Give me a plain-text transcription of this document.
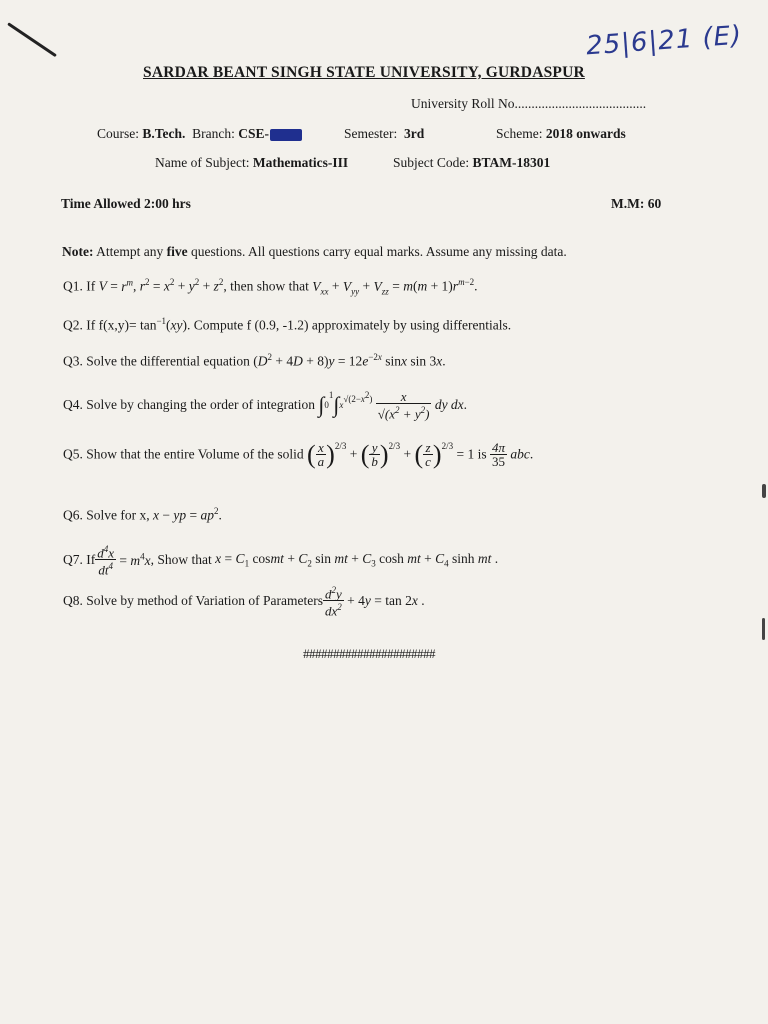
25|6|21 (E)
SARDAR BEANT SINGH STATE UNIVERSITY, GURDASPUR
University Roll No.......................................
Course: B.Tech. Branch: CSE-	Semester: 3rd	Scheme: 2018 onwards
Name of Subject: Mathematics-III	Subject Code: BTAM-18301
Time Allowed 2:00 hrs	M.M: 60
Note: Attempt any five questions. All questions carry equal marks. Assume any missing data.
Q1. If $V = r^m$, $r^2 = x^2 + y^2 + z^2$, then show that $V_{xx} + V_{yy} + V_{zz} = m(m + 1)r^{m-2}$.
Q2. If $f(x,y)= \tan^{-1}(xy)$. Compute f (0.9, -1.2) approximately by using differentials.
Q3. Solve the differential equation $(D^2 + 4D + 8)y = 12e^{-2x}$ sinx sin 3x.
Q4. Solve by changing the order of integration $\int 0^1\int x^{√(2-x^2)} \frac{x}{√(x^2 + y^2)}$ dy dx.
Q5. Show that the entire Volume of the solid ( $\frac{x}{a} )^{2/3}$ + ( $\frac{y}{b} )^{2/3}$ + ( $\frac{z}{c} )^{2/3} = 1$ is $\frac{4\pi}{35}$ abc.
Q6. Solve for x, x − yp = $ap^2$.
Q7. If $\frac{d^4x}{dt^4} = m^4x$, Show that $x = C_1$ cosmt + $C_2$ sin mt + $C_3$ cosh mt + $C_4$ sinh mt .
Q8. Solve by method of Variation of Parameters $\frac{d^2y}{dx^2} + 4y = \tan 2x$ .
######################
